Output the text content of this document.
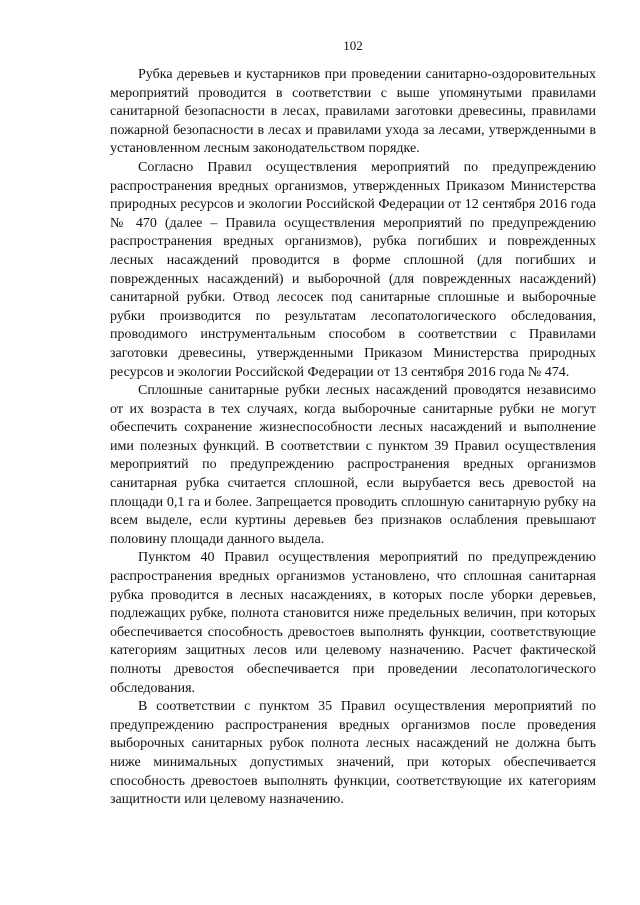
102

Рубка деревьев и кустарников при проведении санитарно-оздоровительных мероприятий проводится в соответствии с выше упомянутыми правилами санитарной безопасности в лесах, правилами заготовки древесины, правилами пожарной безопасности в лесах и правилами ухода за лесами, утвержденными в установленном лесным законодательством порядке.

Согласно Правил осуществления мероприятий по предупреждению распространения вредных организмов, утвержденных Приказом Министерства природных ресурсов и экологии Российской Федерации от 12 сентября 2016 года № 470 (далее – Правила осуществления мероприятий по предупреждению распространения вредных организмов), рубка погибших и поврежденных лесных насаждений проводится в форме сплошной (для погибших и поврежденных насаждений) и выборочной (для поврежденных насаждений) санитарной рубки. Отвод лесосек под санитарные сплошные и выборочные рубки производится по результатам лесопатологического обследования, проводимого инструментальным способом в соответствии с Правилами заготовки древесины, утвержденными Приказом Министерства природных ресурсов и экологии Российской Федерации от 13 сентября 2016 года № 474.

Сплошные санитарные рубки лесных насаждений проводятся независимо от их возраста в тех случаях, когда выборочные санитарные рубки не могут обеспечить сохранение жизнеспособности лесных насаждений и выполнение ими полезных функций. В соответствии с пунктом 39 Правил осуществления мероприятий по предупреждению распространения вредных организмов санитарная рубка считается сплошной, если вырубается весь древостой на площади 0,1 га и более. Запрещается проводить сплошную санитарную рубку на всем выделе, если куртины деревьев без признаков ослабления превышают половину площади данного выдела.

Пунктом 40 Правил осуществления мероприятий по предупреждению распространения вредных организмов установлено, что сплошная санитарная рубка проводится в лесных насаждениях, в которых после уборки деревьев, подлежащих рубке, полнота становится ниже предельных величин, при которых обеспечивается способность древостоев выполнять функции, соответствующие категориям защитных лесов или целевому назначению. Расчет фактической полноты древостоя обеспечивается при проведении лесопатологического обследования.

В соответствии с пунктом 35 Правил осуществления мероприятий по предупреждению распространения вредных организмов после проведения выборочных санитарных рубок полнота лесных насаждений не должна быть ниже минимальных допустимых значений, при которых обеспечивается способность древостоев выполнять функции, соответствующие их категориям защитности или целевому назначению.
